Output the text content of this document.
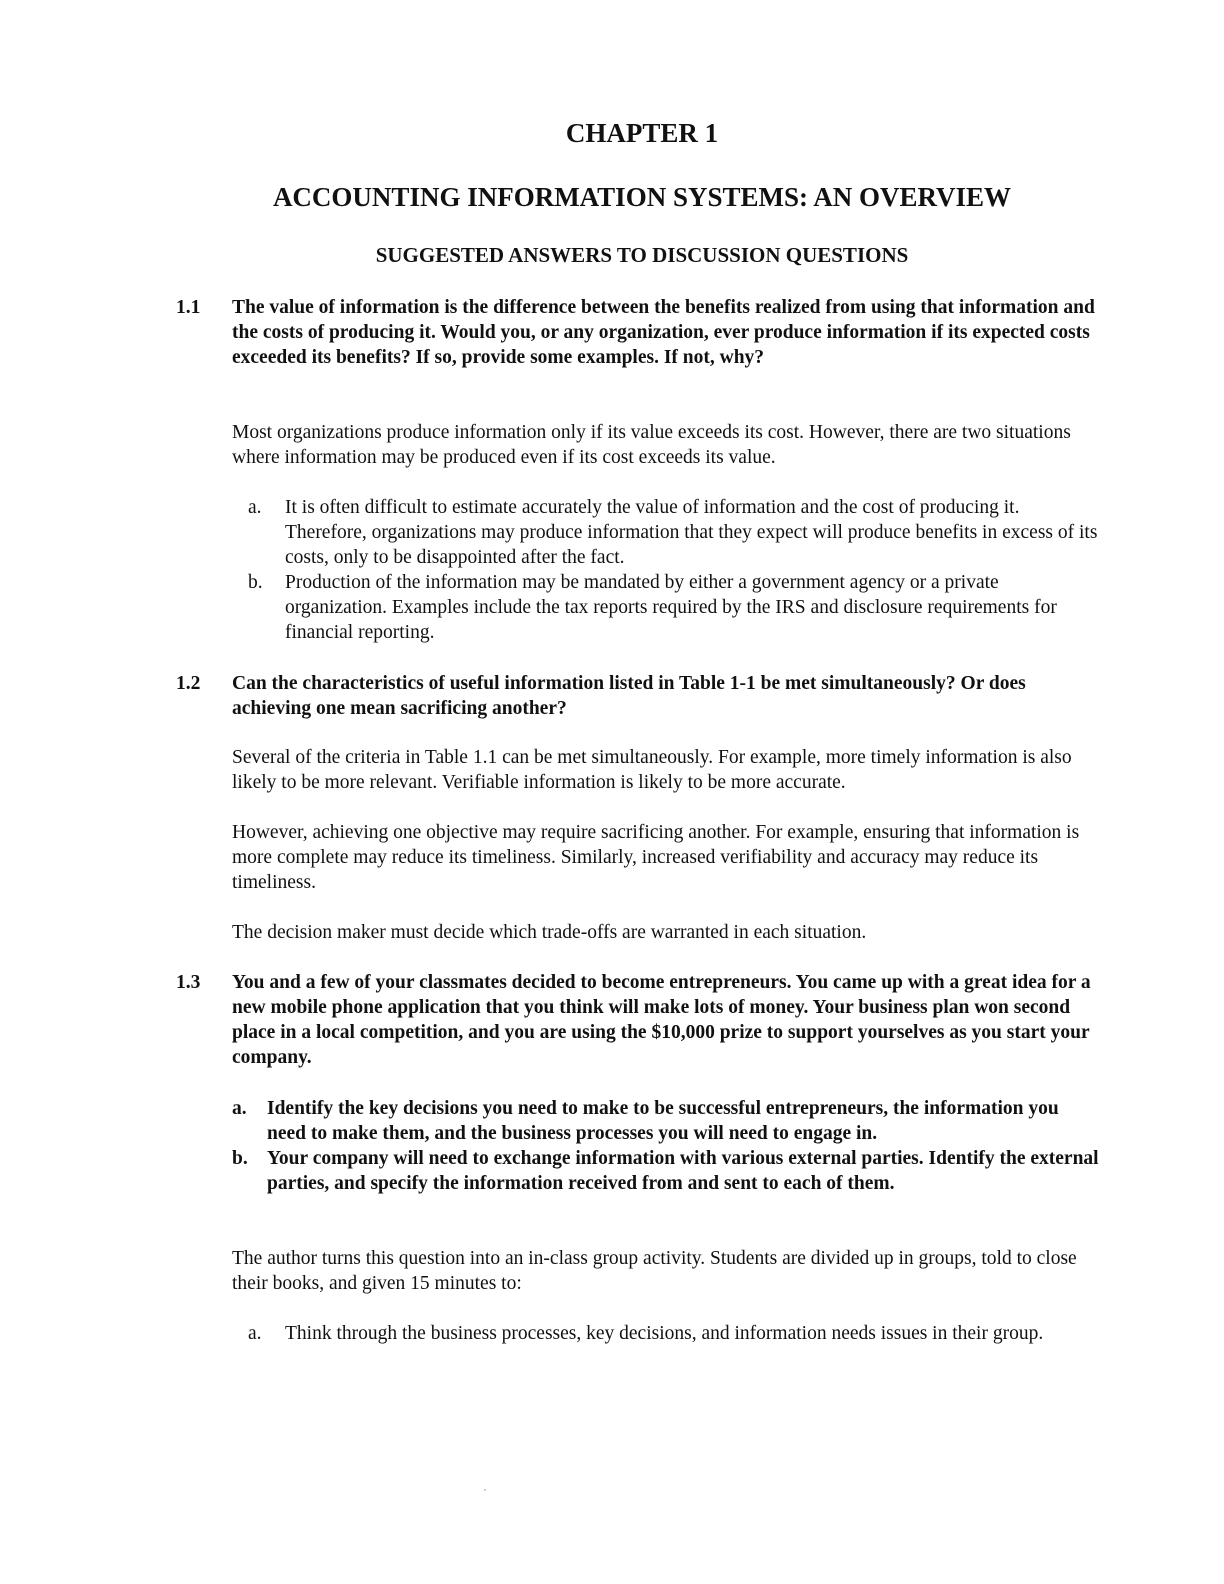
CHAPTER 1
ACCOUNTING INFORMATION SYSTEMS: AN OVERVIEW
SUGGESTED ANSWERS TO DISCUSSION QUESTIONS
1.1 The value of information is the difference between the benefits realized from using that information and the costs of producing it. Would you, or any organization, ever produce information if its expected costs exceeded its benefits? If so, provide some examples. If not, why?
Most organizations produce information only if its value exceeds its cost. However, there are two situations where information may be produced even if its cost exceeds its value.
a. It is often difficult to estimate accurately the value of information and the cost of producing it. Therefore, organizations may produce information that they expect will produce benefits in excess of its costs, only to be disappointed after the fact.
b. Production of the information may be mandated by either a government agency or a private organization. Examples include the tax reports required by the IRS and disclosure requirements for financial reporting.
1.2 Can the characteristics of useful information listed in Table 1-1 be met simultaneously? Or does achieving one mean sacrificing another?
Several of the criteria in Table 1.1 can be met simultaneously. For example, more timely information is also likely to be more relevant. Verifiable information is likely to be more accurate.
However, achieving one objective may require sacrificing another. For example, ensuring that information is more complete may reduce its timeliness. Similarly, increased verifiability and accuracy may reduce its timeliness.
The decision maker must decide which trade-offs are warranted in each situation.
1.3 You and a few of your classmates decided to become entrepreneurs. You came up with a great idea for a new mobile phone application that you think will make lots of money. Your business plan won second place in a local competition, and you are using the $10,000 prize to support yourselves as you start your company.
a. Identify the key decisions you need to make to be successful entrepreneurs, the information you need to make them, and the business processes you will need to engage in.
b. Your company will need to exchange information with various external parties. Identify the external parties, and specify the information received from and sent to each of them.
The author turns this question into an in-class group activity. Students are divided up in groups, told to close their books, and given 15 minutes to:
a. Think through the business processes, key decisions, and information needs issues in their group.
˙
